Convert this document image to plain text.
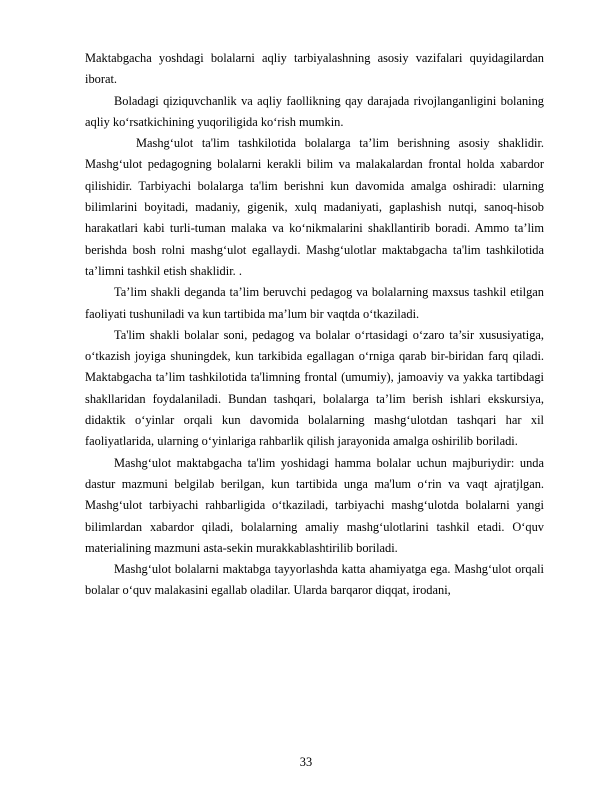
Maktabgacha yoshdagi bolalarni aqliy tarbiyalashning asosiy vazifalari quyidagilardan iborat.

Boladagi qiziquvchanlik va aqliy faollikning qay darajada rivojlanganligini bolaning aqliy ko‘rsatkichining yuqoriligida ko‘rish mumkin.

Mashg‘ulot ta'lim tashkilotida bolalarga ta’lim berishning asosiy shaklidir. Mashg‘ulot pedagogning bolalarni kerakli bilim va malakalardan frontal holda xabardor qilishidir. Tarbiyachi bolalarga ta'lim berishni kun davomida amalga oshiradi: ularning bilimlarini boyitadi, madaniy, gigenik, xulq madaniyati, gaplashish nutqi, sanoq-hisob harakatlari kabi turli-tuman malaka va ko‘nikmalarini shakllantirib boradi. Ammo ta’lim berishda bosh rolni mashg‘ulot egallaydi. Mashg‘ulotlar maktabgacha ta'lim tashkilotida ta’limni tashkil etish shaklidir. .

Ta’lim shakli deganda ta’lim beruvchi pedagog va bolalarning maxsus tashkil etilgan faoliyati tushuniladi va kun tartibida ma’lum bir vaqtda o‘tkaziladi.

Ta'lim shakli bolalar soni, pedagog va bolalar o‘rtasidagi o‘zaro ta’sir xususiyatiga, o‘tkazish joyiga shuningdek, kun tarkibida egallagan o‘rniga qarab bir-biridan farq qiladi. Maktabgacha ta’lim tashkilotida ta'limning frontal (umumiy), jamoaviy va yakka tartibdagi shakllaridan foydalaniladi. Bundan tashqari, bolalarga ta’lim berish ishlari ekskursiya, didaktik o‘yinlar orqali kun davomida bolalarning mashg‘ulotdan tashqari har xil faoliyatlarida, ularning o‘yinlariga rahbarlik qilish jarayonida amalga oshirilib boriladi.

Mashg‘ulot maktabgacha ta'lim yoshidagi hamma bolalar uchun majburiydir: unda dastur mazmuni belgilab berilgan, kun tartibida unga ma'lum o‘rin va vaqt ajratjlgan. Mashg‘ulot tarbiyachi rahbarligida o‘tkaziladi, tarbiyachi mashg‘ulotda bolalarni yangi bilimlardan xabardor qiladi, bolalarning amaliy mashg‘ulotlarini tashkil etadi. O‘quv materialining mazmuni asta-sekin murakkablashtirilib boriladi.

Mashg‘ulot bolalarni maktabga tayyorlashda katta ahamiyatga ega. Mashg‘ulot orqali bolalar o‘quv malakasini egallab oladilar. Ularda barqaror diqqat, irodani,

33
